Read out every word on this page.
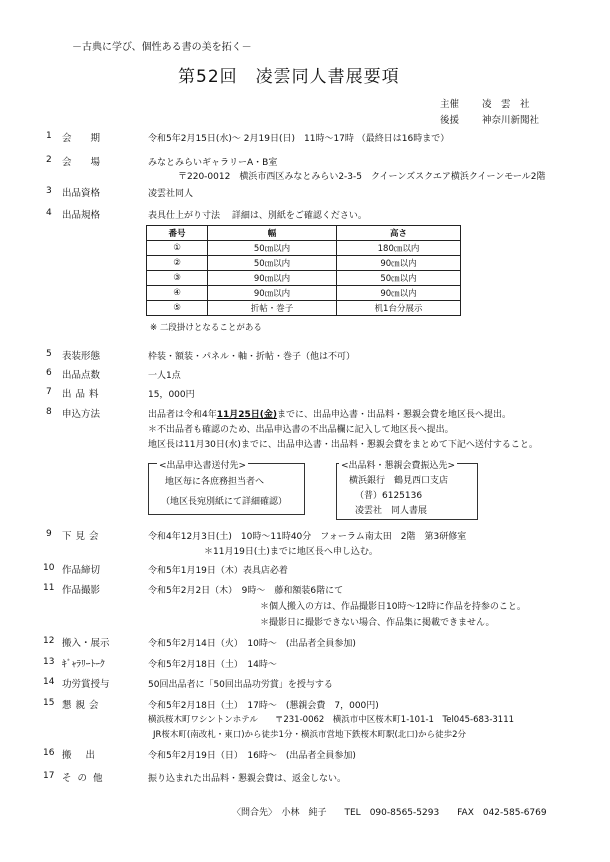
－古典に学び、個性ある書の美を拓く－
第52回　凌雲同人書展要項
主催 凌　雲　社
後援 神奈川新聞社
1 会　　期	令和5年2月15日(水)～ 2月19日(日)　11時～17時 （最終日は16時まで）
2 会　　場	みなとみらいギャラリーA・B室
〒220-0012　横浜市西区みなとみらい2-3-5　クイーンズスクエア横浜クイーンモール2階
3 出品資格	凌雲社同人
4 出品規格	表具仕上がり寸法　 詳細は、別紙をご確認ください。
番号	幅	高さ
①	50㎝以内	180㎝以内
②	50㎝以内	90㎝以内
③	90㎝以内	50㎝以内
④	90㎝以内	90㎝以内
⑤	折帖・巻子	机1台分展示
※ 二段掛けとなることがある
5 表装形態	枠装・額装・パネル・軸・折帖・巻子（他は不可）
6 出品点数	一人1点
7 出品料	15，000円
8 申込方法	出品者は令和4年11月25日(金)までに、出品申込書・出品料・懇親会費を地区長へ提出。
＊不出品者も確認のため、出品申込書の不出品欄に記入して地区長へ提出。
地区長は11月30日(水)までに、出品申込書・出品料・懇親会費をまとめて下記へ送付すること。
<出品申込書送付先>
地区毎に各庶務担当者へ
（地区長宛別紙にて詳細確認）
<出品料・懇親会費振込先>
横浜銀行　鶴見西口支店
（普）6125136
凌雲社　同人書展
9 下見会	令和4年12月3日(土)　10時～11時40分　フォーラム南太田　2階　第3研修室
＊11月19日(土)までに地区長へ申し込む。
10 作品締切	令和5年1月19日（木）表具店必着
11 作品撮影	令和5年2月2日（木）　9時～　藤和額装6階にて
＊個人搬入の方は、作品撮影日10時～12時に作品を持参のこと。
＊撮影日に撮影できない場合、作品集に掲載できません。
12 搬入・展示	令和5年2月14日（火）　10時～　(出品者全員参加)
13 ｷﾞｬﾗﾘｰﾄｰｸ	令和5年2月18日（土）　14時～
14 功労賞授与	50回出品者に「50回出品功労賞」を授与する
15 懇親会	令和5年2月18日（土）　17時～　(懇親会費　7，000円)
横浜桜木町ワシントンホテル　　〒231-0062　横浜市中区桜木町1-101-1　Tel045-683-3111
JR桜木町(南改札・東口)から徒歩1分・横浜市営地下鉄桜木町駅(北口)から徒歩2分
16 搬出	令和5年2月19日（日）　16時～　(出品者全員参加)
17 その他	振り込まれた出品料・懇親会費は、返金しない。
〈問合先〉　小林　純子　　TEL　090-8565-5293　　FAX　042-585-6769
